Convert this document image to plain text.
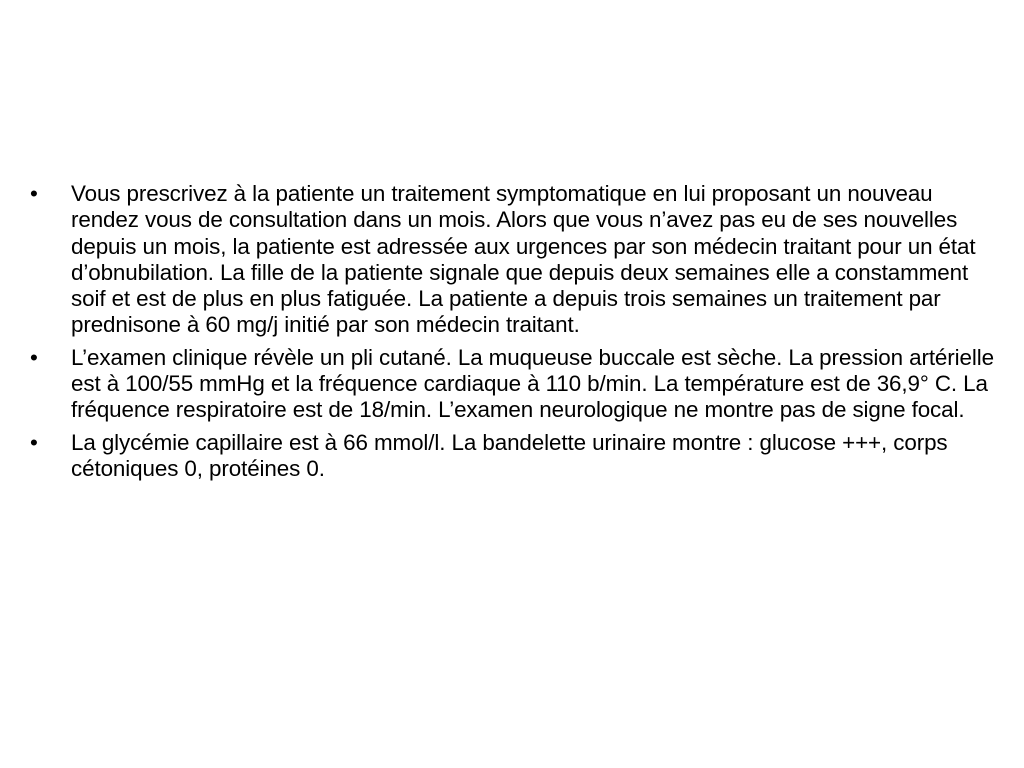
•	Vous prescrivez à la patiente un traitement symptomatique en lui proposant un nouveau rendez vous de consultation dans un mois. Alors que vous n’avez pas eu de ses nouvelles depuis un mois, la patiente est adressée aux urgences par son médecin traitant pour un état d’obnubilation. La fille de la patiente signale que depuis deux semaines elle a constamment soif et est de plus en plus fatiguée. La patiente a depuis trois semaines un traitement par prednisone à 60 mg/j initié par son médecin traitant.
•	L’examen clinique révèle un pli cutané. La muqueuse buccale est sèche. La pression artérielle est à 100/55 mmHg et la fréquence cardiaque à 110 b/min. La température est de 36,9° C. La fréquence respiratoire est de 18/min. L’examen neurologique ne montre pas de signe focal.
•	La glycémie capillaire est à 66 mmol/l. La bandelette urinaire montre : glucose +++, corps cétoniques 0, protéines 0.
